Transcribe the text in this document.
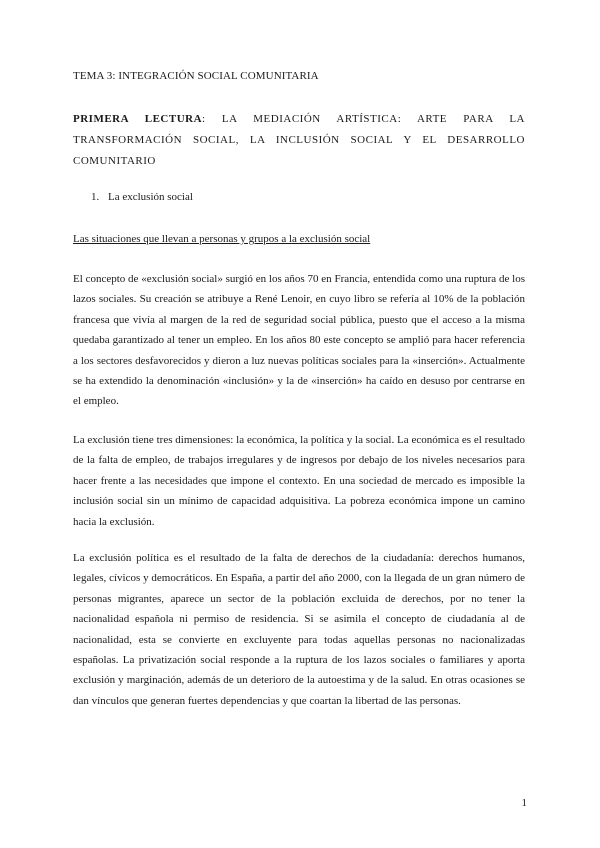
TEMA 3: INTEGRACIÓN SOCIAL COMUNITARIA
PRIMERA LECTURA: LA MEDIACIÓN ARTÍSTICA: ARTE PARA LA TRANSFORMACIÓN SOCIAL, LA INCLUSIÓN SOCIAL Y EL DESARROLLO COMUNITARIO
1. La exclusión social
Las situaciones que llevan a personas y grupos a la exclusión social

El concepto de «exclusión social» surgió en los años 70 en Francia, entendida como una ruptura de los lazos sociales. Su creación se atribuye a René Lenoir, en cuyo libro se refería al 10% de la población francesa que vivía al margen de la red de seguridad social pública, puesto que el acceso a la misma quedaba garantizado al tener un empleo. En los años 80 este concepto se amplió para hacer referencia a los sectores desfavorecidos y dieron a luz nuevas políticas sociales para la «inserción». Actualmente se ha extendido la denominación «inclusión» y la de «inserción» ha caído en desuso por centrarse en el empleo.

La exclusión tiene tres dimensiones: la económica, la política y la social. La económica es el resultado de la falta de empleo, de trabajos irregulares y de ingresos por debajo de los niveles necesarios para hacer frente a las necesidades que impone el contexto. En una sociedad de mercado es imposible la inclusión social sin un mínimo de capacidad adquisitiva. La pobreza económica impone un camino hacia la exclusión.

La exclusión política es el resultado de la falta de derechos de la ciudadanía: derechos humanos, legales, cívicos y democráticos. En España, a partir del año 2000, con la llegada de un gran número de personas migrantes, aparece un sector de la población excluida de derechos, por no tener la nacionalidad española ni permiso de residencia. Si se asimila el concepto de ciudadanía al de nacionalidad, esta se convierte en excluyente para todas aquellas personas no nacionalizadas españolas. La privatización social responde a la ruptura de los lazos sociales o familiares y aporta exclusión y marginación, además de un deterioro de la autoestima y de la salud. En otras ocasiones se dan vínculos que generan fuertes dependencias y que coartan la libertad de las personas.

1
